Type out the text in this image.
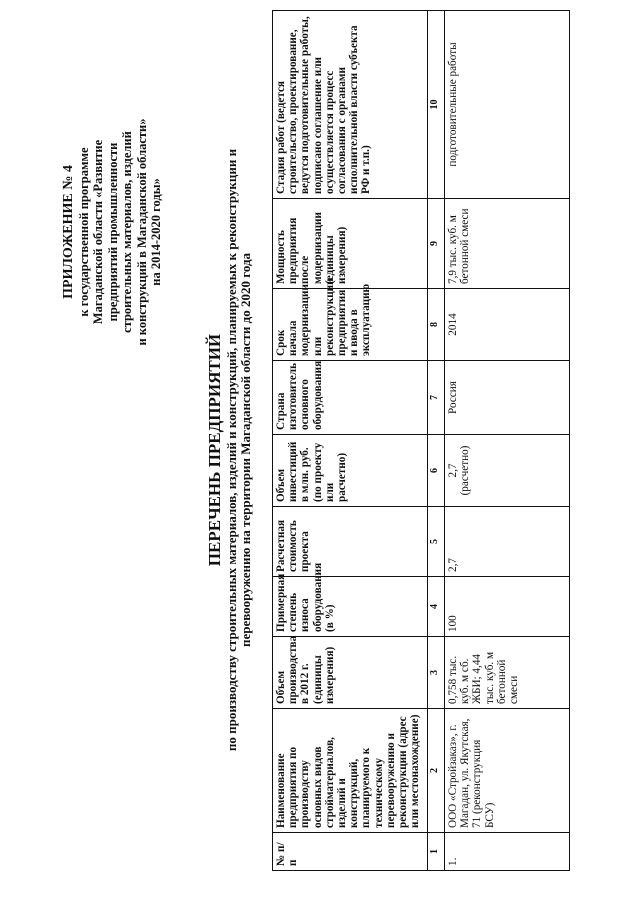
ПРИЛОЖЕНИЕ № 4 к государственной программе Магаданской области «Развитие предприятий промышленности строительных материалов, изделий и конструкций в Магаданской области» на 2014-2020 годы»
ПЕРЕЧЕНЬ ПРЕДПРИЯТИЙ по производству строительных материалов, изделий и конструкций, планируемых к реконструкции и перевооружению на территории Магаданской области до 2020 года
№ п/п	Наименование предприятия по производству основных видов стройматериалов, изделий и конструкций, планируемого к техническому перевооружению и реконструкции (адрес или местонахождение)	Объем производства в 2012 г. (единицы измерения)	Примерная степень износа оборудования (в %)	Расчетная стоимость проекта	Объем инвестиций в млн. руб. (по проекту или расчетно)	Страна изготовитель основного оборудования	Срок начала модернизации или реконструкции предприятия и ввода в эксплуатацию	Мощность предприятия после модернизации (единицы измерения)	Стадия работ (ведется строительство, проектирование, ведутся подготовительные работы, подписано соглашение или осуществляется процесс согласования с органами исполнительной власти субъекта РФ и т.п.)
1	2	3	4	5	6	7	8	9	10
1.	ООО «Стройзаказ», г. Магадан, ул. Якутская, 71 (реконструкция БСУ)	0,758 тыс. куб. м сб. ЖБИ; 4,44 тыс. куб. м бетонной смеси	100	2,7	2,7 (расчетно)	Россия	2014	7,9 тыс. куб. м бетонной смеси	подготовительные работы
